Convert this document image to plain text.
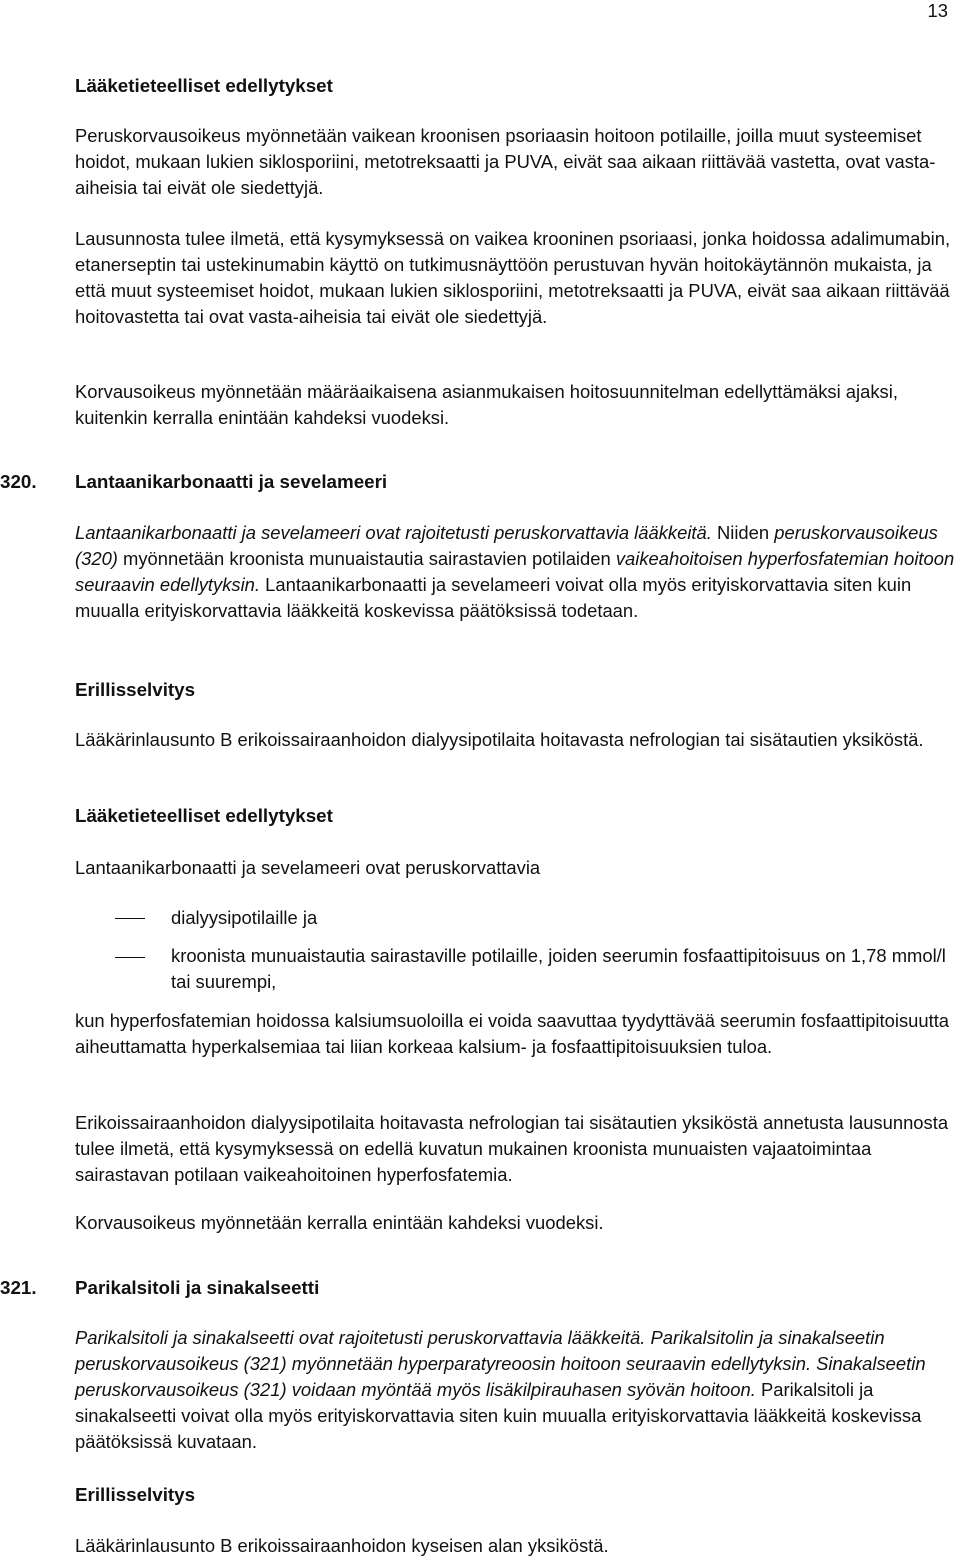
13
Lääketieteelliset edellytykset

Peruskorvausoikeus myönnetään vaikean kroonisen psoriaasin hoitoon potilaille, joilla muut systeemiset hoidot, mukaan lukien siklosporiini, metotreksaatti ja PUVA, eivät saa aikaan riittävää vastetta, ovat vasta-aiheisia tai eivät ole siedettyjä.

Lausunnosta tulee ilmetä, että kysymyksessä on vaikea krooninen psoriaasi, jonka hoidossa adalimumabin, etanerseptin tai ustekinumabin käyttö on tutkimusnäyttöön perustuvan hyvän hoitokäytännön mukaista, ja että muut systeemiset hoidot, mukaan lukien siklosporiini, metotreksaatti ja PUVA, eivät saa aikaan riittävää hoitovastetta tai ovat vasta-aiheisia tai eivät ole siedettyjä.

Korvausoikeus myönnetään määräaikaisena asianmukaisen hoitosuunnitelman edellyttämäksi ajaksi, kuitenkin kerralla enintään kahdeksi vuodeksi.

320. Lantaanikarbonaatti ja sevelameeri

Lantaanikarbonaatti ja sevelameeri ovat rajoitetusti peruskorvattavia lääkkeitä. Niiden peruskorvausoikeus (320) myönnetään kroonista munuaistautia sairastavien potilaiden vaikeahoitoisen hyperfosfatemian hoitoon seuraavin edellytyksin. Lantaanikarbonaatti ja sevelameeri voivat olla myös erityiskorvattavia siten kuin muualla erityiskorvattavia lääkkeitä koskevissa päätöksissä todetaan.

Erillisselvitys

Lääkärinlausunto B erikoissairaanhoidon dialyysipotilaita hoitavasta nefrologian tai sisätautien yksiköstä.

Lääketieteelliset edellytykset

Lantaanikarbonaatti ja sevelameeri ovat peruskorvattavia

dialyysipotilaille ja

kroonista munuaistautia sairastaville potilaille, joiden seerumin fosfaattipitoisuus on 1,78 mmol/l tai suurempi,

kun hyperfosfatemian hoidossa kalsiumsuoloilla ei voida saavuttaa tyydyttävää seerumin fosfaattipitoisuutta aiheuttamatta hyperkalsemiaa tai liian korkeaa kalsium- ja fosfaattipitoisuuksien tuloa.

Erikoissairaanhoidon dialyysipotilaita hoitavasta nefrologian tai sisätautien yksiköstä annetusta lausunnosta tulee ilmetä, että kysymyksessä on edellä kuvatun mukainen kroonista munuaisten vajaatoimintaa sairastavan potilaan vaikeahoitoinen hyperfosfatemia.

Korvausoikeus myönnetään kerralla enintään kahdeksi vuodeksi.

321. Parikalsitoli ja sinakalseetti

Parikalsitoli ja sinakalseetti ovat rajoitetusti peruskorvattavia lääkkeitä. Parikalsitolin ja sinakalseetin peruskorvausoikeus (321) myönnetään hyperparatyreoosin hoitoon seuraavin edellytyksin. Sinakalseetin peruskorvausoikeus (321) voidaan myöntää myös lisäkilpirauhasen syövän hoitoon. Parikalsitoli ja sinakalseetti voivat olla myös erityiskorvattavia siten kuin muualla erityiskorvattavia lääkkeitä koskevissa päätöksissä kuvataan.

Erillisselvitys

Lääkärinlausunto B erikoissairaanhoidon kyseisen alan yksiköstä.
